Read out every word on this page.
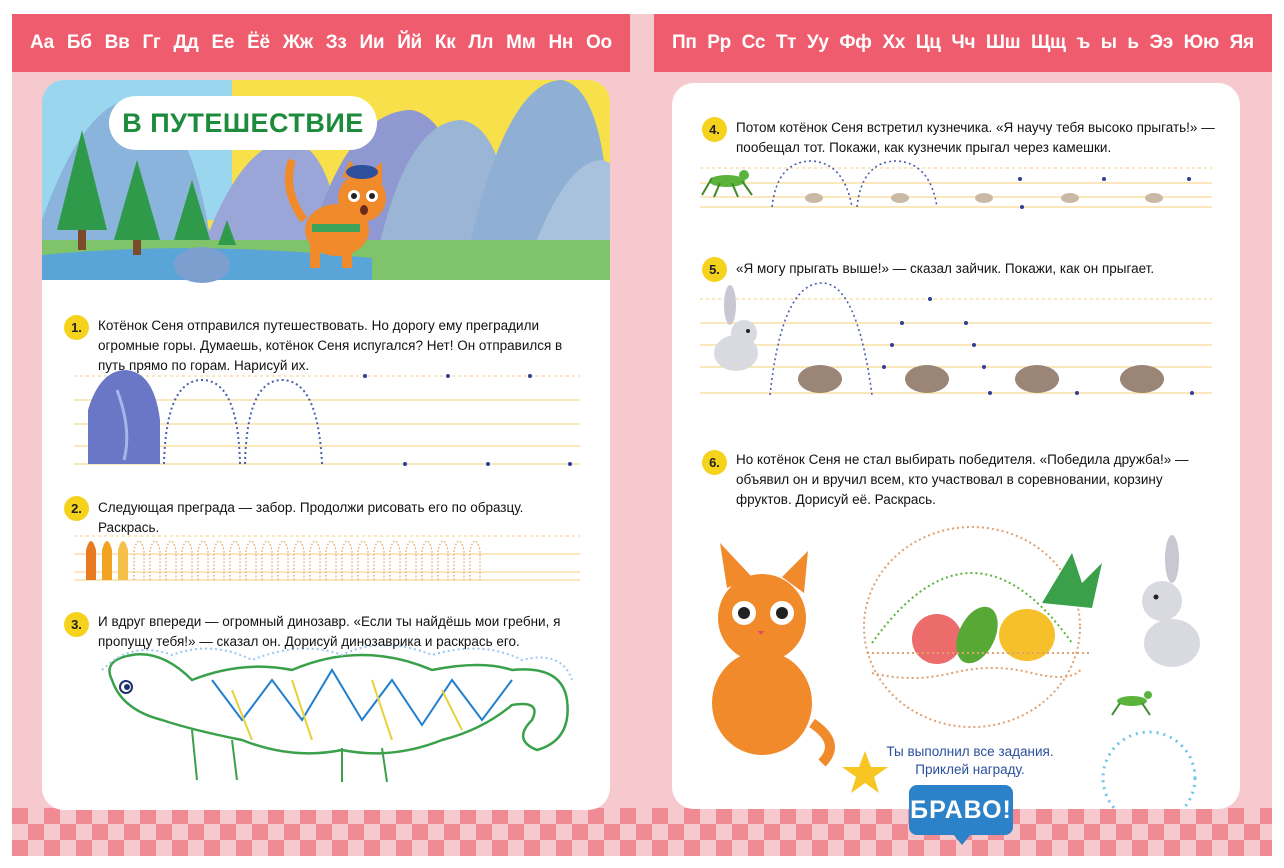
Аа Бб Вв Гг Дд Ее Ёё Жж Зз Ии Йй Кк Лл Мм Нн Оо	Пп Рр Сс Тт Уу Фф Хх Цц Чч Шш Щщ ъ ы ь Ээ Юю Яя
В ПУТЕШЕСТВИЕ
1.	Котёнок Сеня отправился путешествовать. Но дорогу ему преградили огромные горы. Думаешь, котёнок Сеня испугался? Нет! Он отправился в путь прямо по горам. Нарисуй их.
2.	Следующая преграда — забор. Продолжи рисовать его по образцу. Раскрась.
3.	И вдруг впереди — огромный динозавр. «Если ты найдёшь мои гребни, я пропущу тебя!» — сказал он. Дорисуй динозаврика и раскрась его.
4.	Потом котёнок Сеня встретил кузнечика. «Я научу тебя высоко прыгать!» — пообещал тот. Покажи, как кузнечик прыгал через камешки.
5.	«Я могу прыгать выше!» — сказал зайчик. Покажи, как он прыгает.
6.	Но котёнок Сеня не стал выбирать победителя. «Победила дружба!» — объявил он и вручил всем, кто участвовал в соревновании, корзину фруктов. Дорисуй её. Раскрась.
Ты выполнил все задания. Приклей награду.
БРАВО!
